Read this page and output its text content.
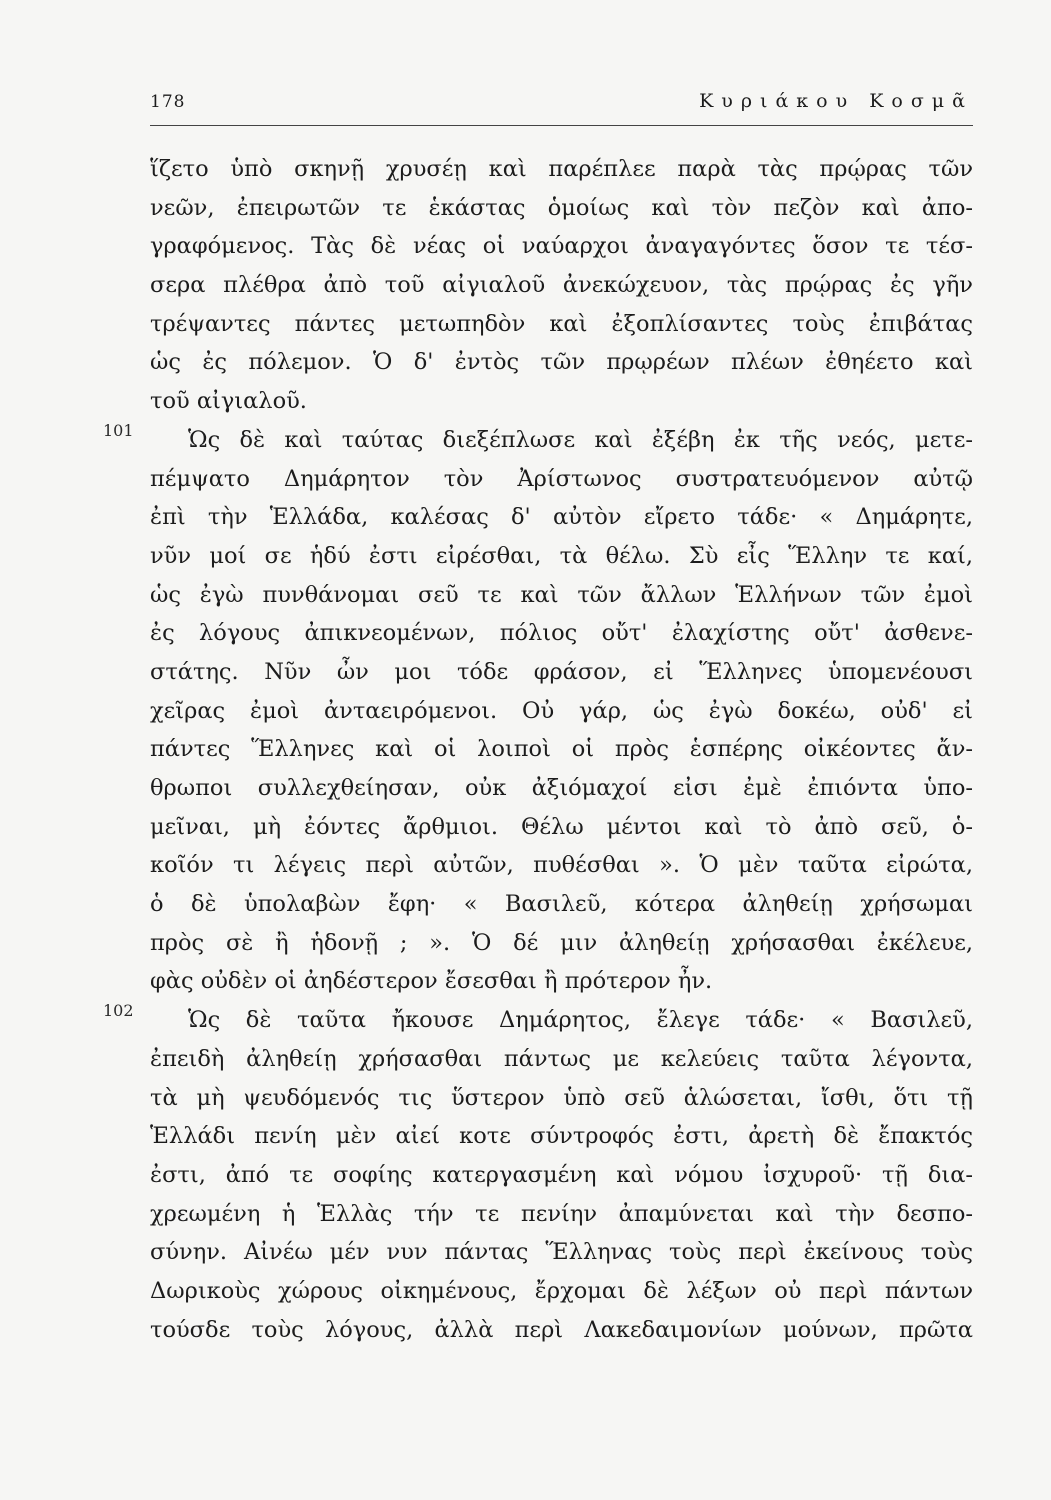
178	Κυριάκου Κοσμᾶ
ἵζετο ὑπὸ σκηνῇ χρυσέῃ καὶ παρέπλεε παρὰ τὰς πρῴρας τῶν
νεῶν, ἐπειρωτῶν τε ἑκάστας ὁμοίως καὶ τὸν πεζὸν καὶ ἀπο-
γραφόμενος. Τὰς δὲ νέας οἱ ναύαρχοι ἀναγαγόντες ὅσον τε τέσ-
σερα πλέθρα ἀπὸ τοῦ αἰγιαλοῦ ἀνεκώχευον, τὰς πρῴρας ἐς γῆν
τρέψαντες πάντες μετωπηδὸν καὶ ἐξοπλίσαντες τοὺς ἐπιβάτας
ὡς ἐς πόλεμον. Ὁ δ' ἐντὸς τῶν πρῳρέων πλέων ἐθηέετο καὶ
τοῦ αἰγιαλοῦ.
101	Ὡς δὲ καὶ ταύτας διεξέπλωσε καὶ ἐξέβη ἐκ τῆς νεός, μετε-
πέμψατο Δημάρητον τὸν Ἀρίστωνος συστρατευόμενον αὐτῷ
ἐπὶ τὴν Ἑλλάδα, καλέσας δ' αὐτὸν εἴρετο τάδε· « Δημάρητε,
νῦν μοί σε ἡδύ ἐστι εἰρέσθαι, τὰ θέλω. Σὺ εἶς Ἕλλην τε καί,
ὡς ἐγὼ πυνθάνομαι σεῦ τε καὶ τῶν ἄλλων Ἑλλήνων τῶν ἐμοὶ
ἐς λόγους ἀπικνεομένων, πόλιος οὔτ' ἐλαχίστης οὔτ' ἀσθενε-
στάτης. Νῦν ὦν μοι τόδε φράσον, εἰ Ἕλληνες ὑπομενέουσι
χεῖρας ἐμοὶ ἀνταειρόμενοι. Οὐ γάρ, ὡς ἐγὼ δοκέω, οὐδ' εἰ
πάντες Ἕλληνες καὶ οἱ λοιποὶ οἱ πρὸς ἑσπέρης οἰκέοντες ἄν-
θρωποι συλλεχθείησαν, οὐκ ἀξιόμαχοί εἰσι ἐμὲ ἐπιόντα ὑπο-
μεῖναι, μὴ ἐόντες ἄρθμιοι. Θέλω μέντοι καὶ τὸ ἀπὸ σεῦ, ὁ-
κοῖόν τι λέγεις περὶ αὐτῶν, πυθέσθαι ». Ὁ μὲν ταῦτα εἰρώτα,
ὁ δὲ ὑπολαβὼν ἔφη· « Βασιλεῦ, κότερα ἀληθείῃ χρήσωμαι
πρὸς σὲ ἢ ἡδονῇ ; ». Ὁ δέ μιν ἀληθείῃ χρήσασθαι ἐκέλευε,
φὰς οὐδὲν οἱ ἀηδέστερον ἔσεσθαι ἢ πρότερον ἦν.
102	Ὡς δὲ ταῦτα ἤκουσε Δημάρητος, ἔλεγε τάδε· « Βασιλεῦ,
ἐπειδὴ ἀληθείῃ χρήσασθαι πάντως με κελεύεις ταῦτα λέγοντα,
τὰ μὴ ψευδόμενός τις ὕστερον ὑπὸ σεῦ ἁλώσεται, ἴσθι, ὅτι τῇ
Ἑλλάδι πενίη μὲν αἰεί κοτε σύντροφός ἐστι, ἀρετὴ δὲ ἔπακτός
ἐστι, ἀπό τε σοφίης κατεργασμένη καὶ νόμου ἰσχυροῦ· τῇ δια-
χρεωμένη ἡ Ἑλλὰς τήν τε πενίην ἀπαμύνεται καὶ τὴν δεσπο-
σύνην. Αἰνέω μέν νυν πάντας Ἕλληνας τοὺς περὶ ἐκείνους τοὺς
Δωρικοὺς χώρους οἰκημένους, ἔρχομαι δὲ λέξων οὐ περὶ πάντων
τούσδε τοὺς λόγους, ἀλλὰ περὶ Λακεδαιμονίων μούνων, πρῶτα
